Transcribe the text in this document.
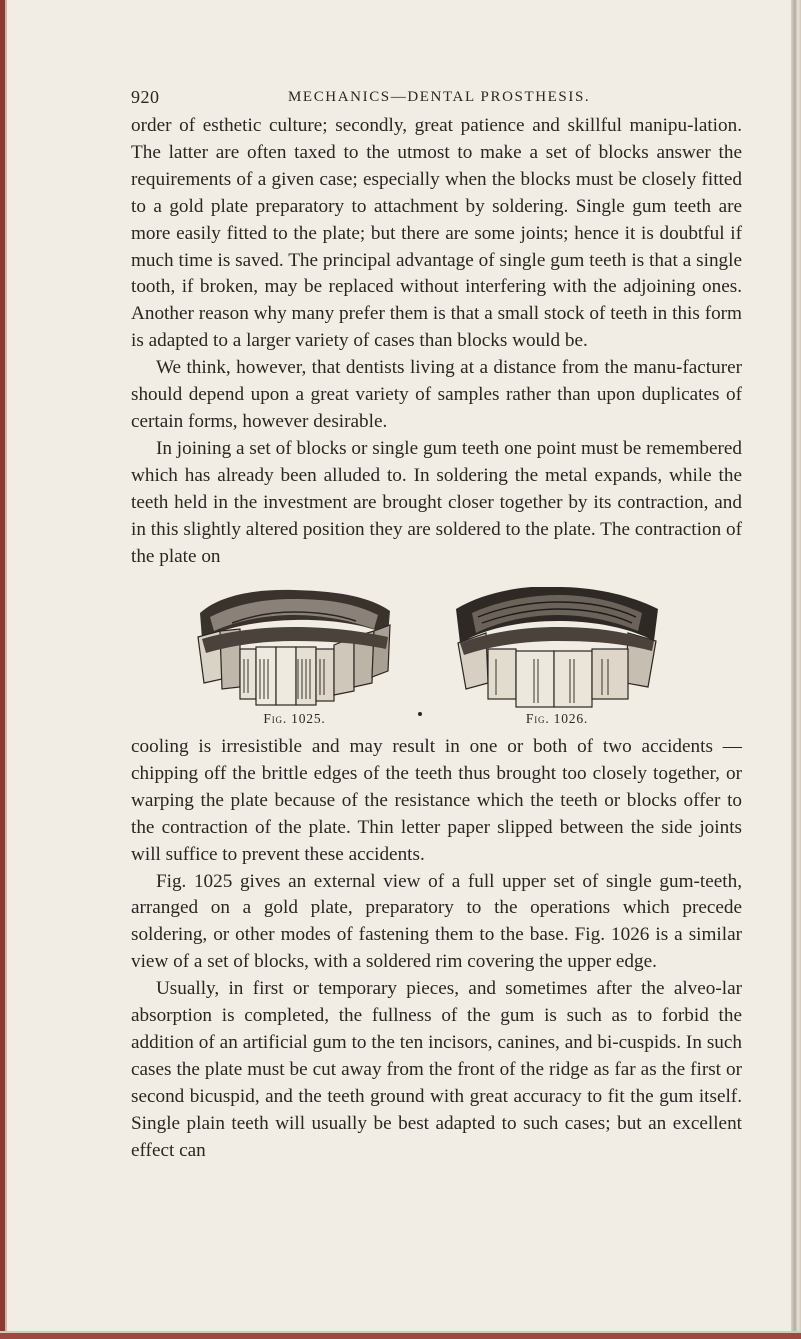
920	MECHANICS—DENTAL PROSTHESIS.

order of esthetic culture; secondly, great patience and skillful manipu-lation. The latter are often taxed to the utmost to make a set of blocks answer the requirements of a given case; especially when the blocks must be closely fitted to a gold plate preparatory to attachment by soldering. Single gum teeth are more easily fitted to the plate; but there are some joints; hence it is doubtful if much time is saved. The principal advantage of single gum teeth is that a single tooth, if broken, may be replaced without interfering with the adjoining ones. Another reason why many prefer them is that a small stock of teeth in this form is adapted to a larger variety of cases than blocks would be.

We think, however, that dentists living at a distance from the manu-facturer should depend upon a great variety of samples rather than upon duplicates of certain forms, however desirable.

In joining a set of blocks or single gum teeth one point must be remembered which has already been alluded to. In soldering the metal expands, while the teeth held in the investment are brought closer together by its contraction, and in this slightly altered position they are soldered to the plate. The contraction of the plate on

Fig. 1025.	Fig. 1026.

cooling is irresistible and may result in one or both of two accidents —chipping off the brittle edges of the teeth thus brought too closely together, or warping the plate because of the resistance which the teeth or blocks offer to the contraction of the plate. Thin letter paper slipped between the side joints will suffice to prevent these accidents.

Fig. 1025 gives an external view of a full upper set of single gum-teeth, arranged on a gold plate, preparatory to the operations which precede soldering, or other modes of fastening them to the base. Fig. 1026 is a similar view of a set of blocks, with a soldered rim covering the upper edge.

Usually, in first or temporary pieces, and sometimes after the alveo-lar absorption is completed, the fullness of the gum is such as to forbid the addition of an artificial gum to the ten incisors, canines, and bi-cuspids. In such cases the plate must be cut away from the front of the ridge as far as the first or second bicuspid, and the teeth ground with great accuracy to fit the gum itself. Single plain teeth will usually be best adapted to such cases; but an excellent effect can
